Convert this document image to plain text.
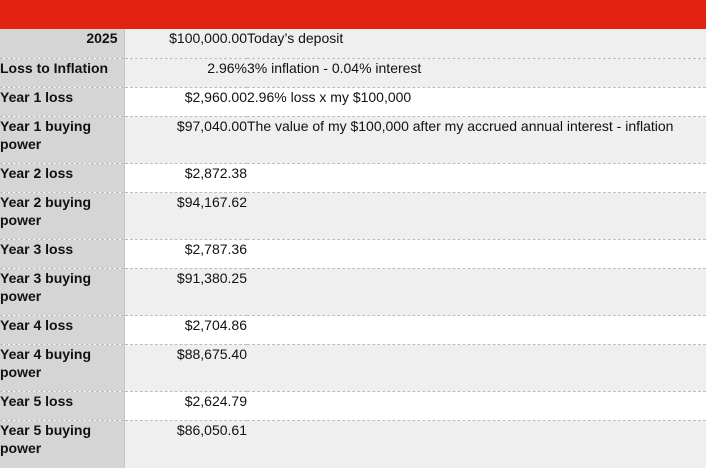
2025	$100,000.00	Today’s deposit
Loss to Inflation	2.96%	3% inflation - 0.04% interest
Year 1 loss	$2,960.00	2.96% loss x my $100,000
Year 1 buying power	$97,040.00	The value of my $100,000 after my accrued annual interest - inflation
Year 2 loss	$2,872.38	
Year 2 buying power	$94,167.62	
Year 3 loss	$2,787.36	
Year 3 buying power	$91,380.25	
Year 4 loss	$2,704.86	
Year 4 buying power	$88,675.40	
Year 5 loss	$2,624.79	
Year 5 buying power	$86,050.61	
